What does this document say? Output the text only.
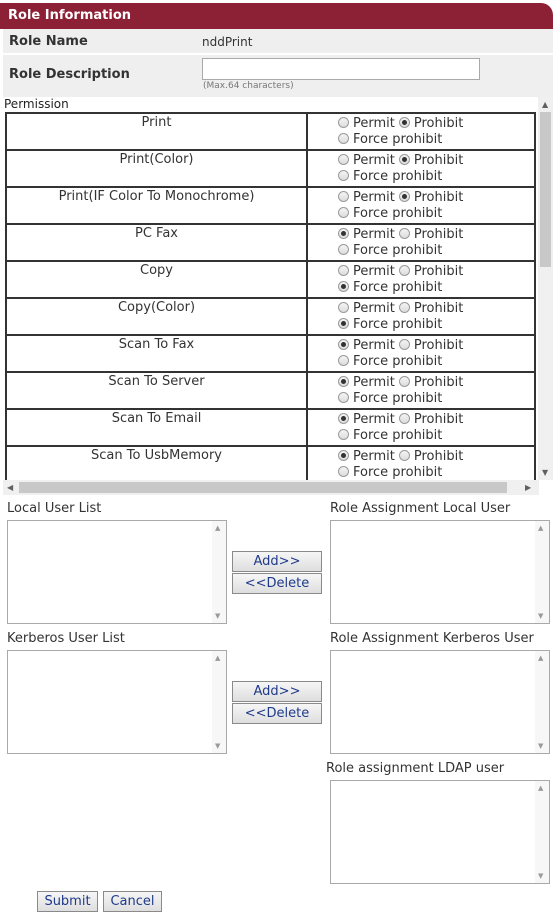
Role Information
Role Name	nddPrint
Role Description
(Max.64 characters)
Permission
Print	Permit ProhibitForce prohibit
Print(Color)	Permit ProhibitForce prohibit
Print(IF Color To Monochrome)	Permit ProhibitForce prohibit
PC Fax	Permit ProhibitForce prohibit
Copy	Permit ProhibitForce prohibit
Copy(Color)	Permit ProhibitForce prohibit
Scan To Fax	Permit ProhibitForce prohibit
Scan To Server	Permit ProhibitForce prohibit
Scan To Email	Permit ProhibitForce prohibit
Scan To UsbMemory	Permit ProhibitForce prohibit
▲
▼
◀	▶
Local User List	Role Assignment Local User
▲
▼
Add>>
<<Delete
▲
▼
Kerberos User List	Role Assignment Kerberos User
▲
▼
Add>>
<<Delete
▲
▼
Role assignment LDAP user
▲
▼
Submit	Cancel
